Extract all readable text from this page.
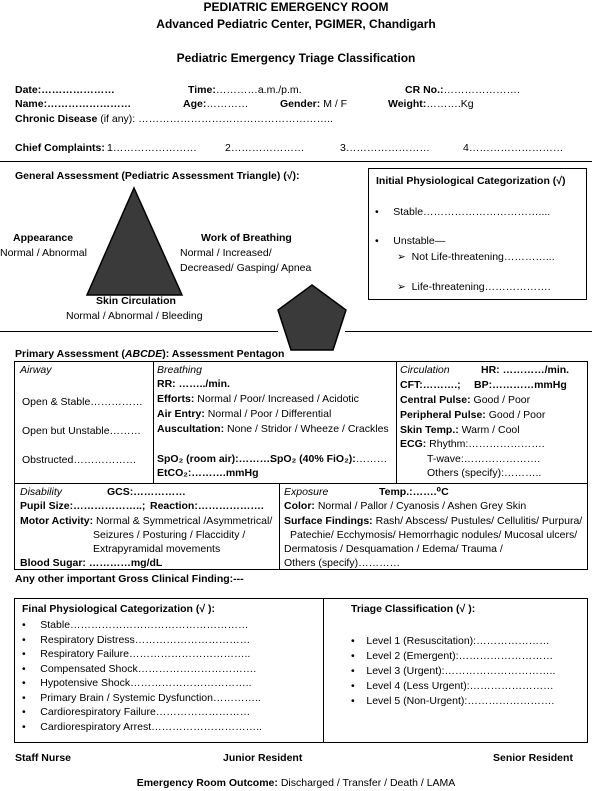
PEDIATRIC EMERGENCY ROOM
Advanced Pediatric Center, PGIMER, Chandigarh
Pediatric Emergency Triage Classification
Date:…………………	Time:…………a.m./p.m.	CR No.:………………….
Name:……………………	Age:…………	Gender: M / F	Weight:……….Kg
Chronic Disease (if any): ………………………………………………..
Chief Complaints: 1……………………	2…………………	3……………………	4………………………
General Assessment (Pediatric Assessment Triangle) (√):
Appearance
Normal / Abnormal
Work of Breathing
Normal / Increased/
Decreased/ Gasping/ Apnea
Skin Circulation
Normal / Abnormal / Bleeding
Initial Physiological Categorization (√)
•     Stable……………………………....
•     Unstable—
➢ Not Life-threatening…………...
➢ Life-threatening……………….
Primary Assessment (ABCDE): Assessment Pentagon
Airway
Open & Stable……………
Open but Unstable………
Obstructed………………
Breathing
RR: ……../min.
Efforts: Normal / Poor/ Increased / Acidotic
Air Entry: Normal / Poor / Differential
Auscultation: None / Stridor / Wheeze / Crackles
SpO₂ (room air):……….
SpO₂ (40% FiO₂):………
EtCO₂:……….mmHg
Circulation	HR: …………/min.
CFT:……….; BP:…………mmHg
Central Pulse: Good / Poor
Peripheral Pulse: Good / Poor
Skin Temp.: Warm / Cool
ECG: Rhythm:………………….
T-wave:………………….
Others (specify):………..
Disability	GCS:……………
Pupil Size:………………..; Reaction:……………….
Motor Activity: Normal & Symmetrical /Asymmetrical/
Seizures / Posturing / Flaccidity /
Extrapyramidal movements
Blood Sugar: …………mg/dL
Exposure	Temp.:…….⁰C
Color: Normal / Pallor / Cyanosis / Ashen Grey Skin
Surface Findings: Rash/ Abscess/ Pustules/ Cellulitis/ Purpura/
Patechie/ Ecchymosis/ Hemorrhagic nodules/ Mucosal ulcers/
Dermatosis / Desquamation / Edema/ Trauma /
Others (specify)…………
Any other important Gross Clinical Finding:---
Final Physiological Categorization (√ ):
•     Stable……………………………………………
•     Respiratory Distress……………………………
•     Respiratory Failure……………………………..
•     Compensated Shock…………………………….
•     Hypotensive Shock……………………………..
•     Primary Brain / Systemic Dysfunction…………..
•     Cardiorespiratory Failure………………………
•     Cardiorespiratory Arrest…………………………..
Triage Classification (√ ):
•    Level 1 (Resuscitation):…………………
•    Level 2 (Emergent):………………………
•    Level 3 (Urgent):…………………………..
•    Level 4 (Less Urgent):……………………
•    Level 5 (Non-Urgent):…………………….
Staff Nurse	Junior Resident	Senior Resident
Emergency Room Outcome: Discharged / Transfer / Death / LAMA
